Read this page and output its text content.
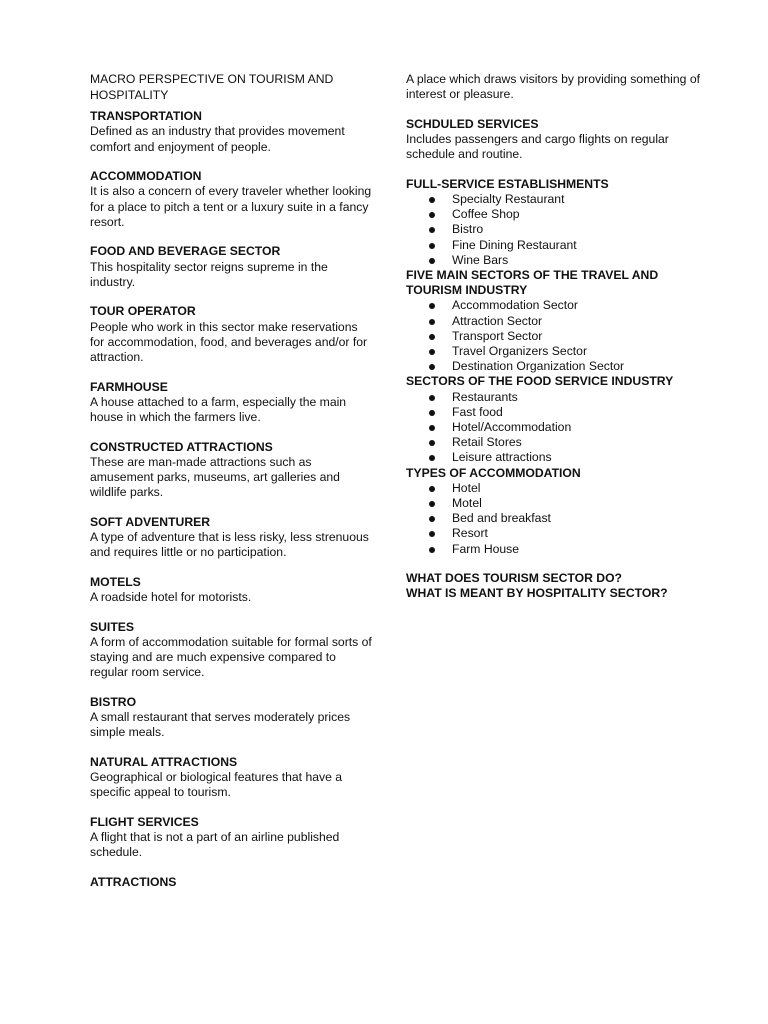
MACRO PERSPECTIVE ON TOURISM AND HOSPITALITY

TRANSPORTATION

Defined as an industry that provides movement comfort and enjoyment of people.

ACCOMMODATION

It is also a concern of every traveler whether looking for a place to pitch a tent or a luxury suite in a fancy resort.

FOOD AND BEVERAGE SECTOR

This hospitality sector reigns supreme in the industry.

TOUR OPERATOR

People who work in this sector make reservations for accommodation, food, and beverages and/or for attraction.

FARMHOUSE

A house attached to a farm, especially the main house in which the farmers live.

CONSTRUCTED ATTRACTIONS

These are man-made attractions such as amusement parks, museums, art galleries and wildlife parks.

SOFT ADVENTURER

A type of adventure that is less risky, less strenuous and requires little or no participation.

MOTELS

A roadside hotel for motorists.

SUITES

A form of accommodation suitable for formal sorts of staying and are much expensive compared to regular room service.

BISTRO

A small restaurant that serves moderately prices simple meals.

NATURAL ATTRACTIONS

Geographical or biological features that have a specific appeal to tourism.

FLIGHT SERVICES

A flight that is not a part of an airline published schedule.

ATTRACTIONS

A place which draws visitors by providing something of interest or pleasure.

SCHDULED SERVICES

Includes passengers and cargo flights on regular schedule and routine.

FULL-SERVICE ESTABLISHMENTS

Specialty Restaurant
Coffee Shop
Bistro
Fine Dining Restaurant
Wine Bars

FIVE MAIN SECTORS OF THE TRAVEL AND TOURISM INDUSTRY

Accommodation Sector
Attraction Sector
Transport Sector
Travel Organizers Sector
Destination Organization Sector

SECTORS OF THE FOOD SERVICE INDUSTRY

Restaurants
Fast food
Hotel/Accommodation
Retail Stores
Leisure attractions

TYPES OF ACCOMMODATION

Hotel
Motel
Bed and breakfast
Resort
Farm House

WHAT DOES TOURISM SECTOR DO?

WHAT IS MEANT BY HOSPITALITY SECTOR?
